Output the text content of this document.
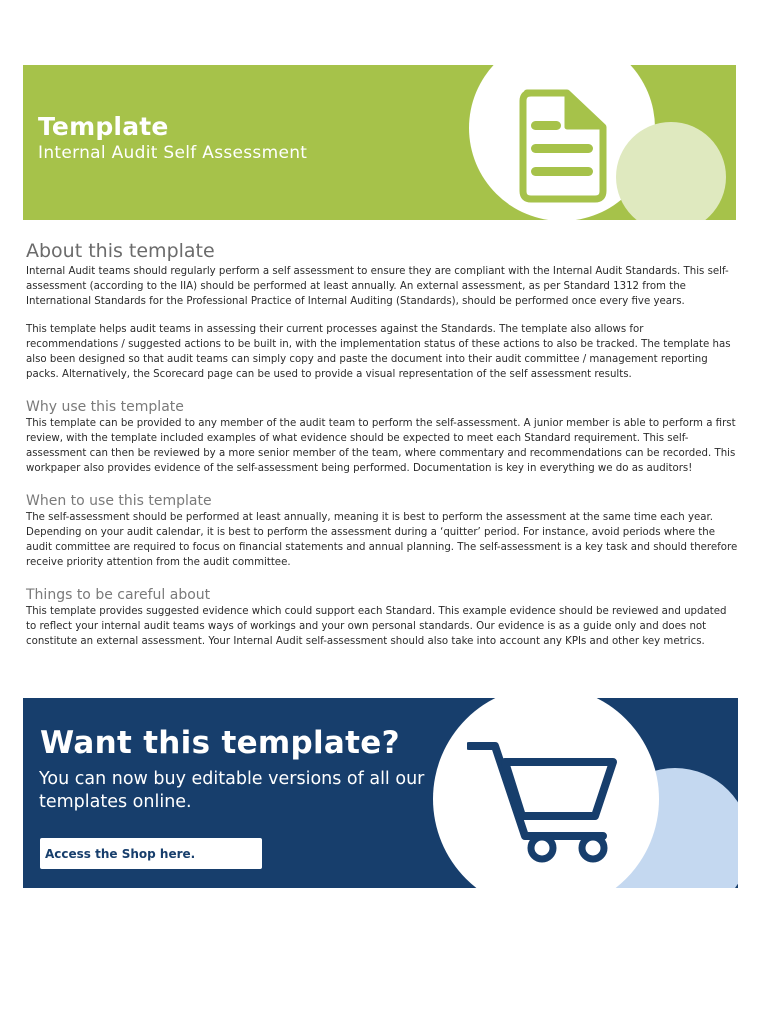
Template

Internal Audit Self Assessment

About this template

Internal Audit teams should regularly perform a self assessment to ensure they are compliant with the Internal Audit Standards. This self-assessment (according to the IIA) should be performed at least annually. An external assessment, as per Standard 1312 from the International Standards for the Professional Practice of Internal Auditing (Standards), should be performed once every five years.

This template helps audit teams in assessing their current processes against the Standards. The template also allows for recommendations / suggested actions to be built in, with the implementation status of these actions to also be tracked. The template has also been designed so that audit teams can simply copy and paste the document into their audit committee / management reporting packs. Alternatively, the Scorecard page can be used to provide a visual representation of the self assessment results.

Why use this template

This template can be provided to any member of the audit team to perform the self-assessment. A junior member is able to perform a first review, with the template included examples of what evidence should be expected to meet each Standard requirement. This self-assessment can then be reviewed by a more senior member of the team, where commentary and recommendations can be recorded. This workpaper also provides evidence of the self-assessment being performed. Documentation is key in everything we do as auditors!

When to use this template

The self-assessment should be performed at least annually, meaning it is best to perform the assessment at the same time each year. Depending on your audit calendar, it is best to perform the assessment during a ‘quitter’ period. For instance, avoid periods where the audit committee are required to focus on financial statements and annual planning. The self-assessment is a key task and should therefore receive priority attention from the audit committee.

Things to be careful about

This template provides suggested evidence which could support each Standard. This example evidence should be reviewed and updated to reflect your internal audit teams ways of workings and your own personal standards. Our evidence is as a guide only and does not constitute an external assessment. Your Internal Audit self-assessment should also take into account any KPIs and other key metrics.

Want this template?

You can now buy editable versions of all our templates online.

Access the Shop here.
